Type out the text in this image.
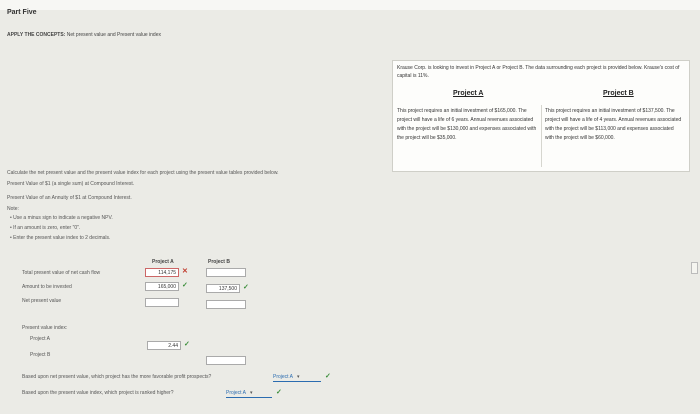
Part Five
APPLY THE CONCEPTS: Net present value and Present value index
Krause Corp. is looking to invest in Project A or Project B. The data surrounding each project is provided below. Krause's cost of capital is 11%.
Project A	Project B
This project requires an initial investment of $165,000. The project will have a life of 6 years. Annual revenues associated with the project will be $130,000 and expenses associated with the project will be $35,000.
This project requires an initial investment of $137,500. The project will have a life of 4 years. Annual revenues associated with the project will be $113,000 and expenses associated with the project will be $60,000.
Calculate the net present value and the present value index for each project using the present value tables provided below.
Present Value of $1 (a single sum) at Compound Interest.
Present Value of an Annuity of $1 at Compound Interest.
Note:
• Use a minus sign to indicate a negative NPV.
• If an amount is zero, enter "0".
• Enter the present value index to 2 decimals.
Project A	Project B
Total present value of net cash flow	114,175 ✕
Amount to be invested	165,000 ✓	137,500 ✓
Net present value
Present value index:
Project A
2.44 ✓
Project B
Based upon net present value, which project has the more favorable profit prospects?	Project A ▾	✓
Based upon the present value index, which project is ranked higher?	Project A ▾	✓
